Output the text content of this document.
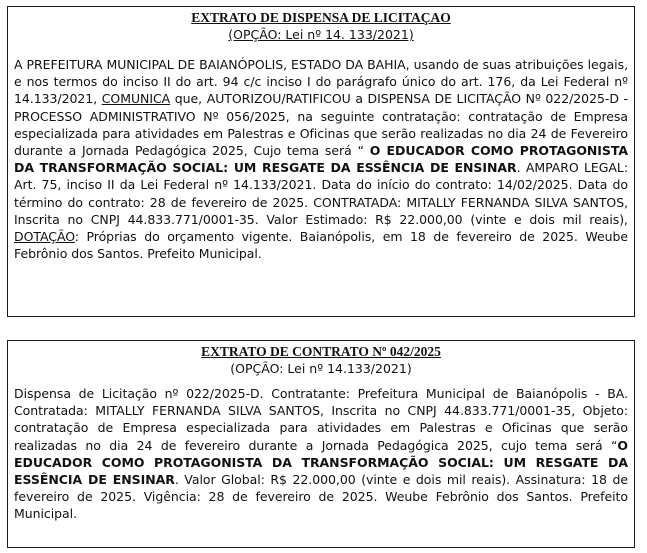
EXTRATO DE DISPENSA DE LICITAÇAO
(OPÇÃO: Lei nº 14. 133/2021)
A PREFEITURA MUNICIPAL DE BAIANÓPOLIS, ESTADO DA BAHIA, usando de suas atribuições legais, e nos termos do inciso II do art. 94 c/c inciso I do parágrafo único do art. 176, da Lei Federal nº 14.133/2021, COMUNICA que, AUTORIZOU/RATIFICOU a DISPENSA DE LICITAÇÃO Nº 022/2025-D - PROCESSO ADMINISTRATIVO Nº 056/2025, na seguinte contratação: contratação de Empresa especializada para atividades em Palestras e Oficinas que serão realizadas no dia 24 de Fevereiro durante a Jornada Pedagógica 2025, Cujo tema será “ O EDUCADOR COMO PROTAGONISTA DA TRANSFORMAÇÃO SOCIAL: UM RESGATE DA ESSÊNCIA DE ENSINAR. AMPARO LEGAL: Art. 75, inciso II da Lei Federal nº 14.133/2021. Data do início do contrato: 14/02/2025. Data do término do contrato: 28 de fevereiro de 2025. CONTRATADA: MITALLY FERNANDA SILVA SANTOS, Inscrita no CNPJ 44.833.771/0001-35. Valor Estimado: R$ 22.000,00 (vinte e dois mil reais), DOTAÇÃO: Próprias do orçamento vigente. Baianópolis, em 18 de fevereiro de 2025. Weube Febrônio dos Santos. Prefeito Municipal.
EXTRATO DE CONTRATO Nº 042/2025
(OPÇÃO: Lei nº 14.133/2021)
Dispensa de Licitação nº 022/2025-D. Contratante: Prefeitura Municipal de Baianópolis - BA. Contratada: MITALLY FERNANDA SILVA SANTOS, Inscrita no CNPJ 44.833.771/0001-35, Objeto: contratação de Empresa especializada para atividades em Palestras e Oficinas que serão realizadas no dia 24 de fevereiro durante a Jornada Pedagógica 2025, cujo tema será “O EDUCADOR COMO PROTAGONISTA DA TRANSFORMAÇÃO SOCIAL: UM RESGATE DA ESSÊNCIA DE ENSINAR. Valor Global: R$ 22.000,00 (vinte e dois mil reais). Assinatura: 18 de fevereiro de 2025. Vigência: 28 de fevereiro de 2025. Weube Febrônio dos Santos. Prefeito Municipal.
